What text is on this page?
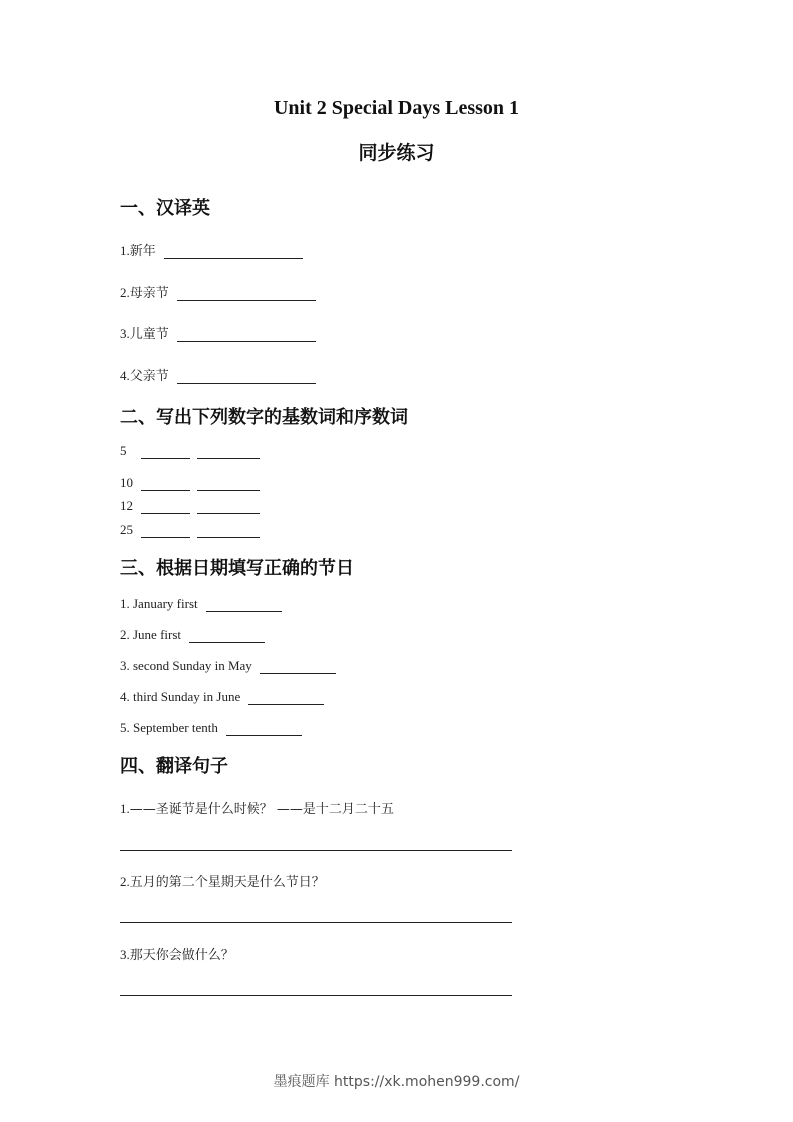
Unit 2 Special Days Lesson 1
同步练习
一、汉译英
1. 新年
2. 母亲节
3. 儿童节
4. 父亲节
二、写出下列数字的基数词和序数词
5
10
12
25
三、根据日期填写正确的节日
1. January first
2. June first
3. second Sunday in May
4. third Sunday in June
5. September tenth
四、翻译句子
1. ——圣诞节是什么时候？ ——是十二月二十五
2. 五月的第二个星期天是什么节日？
3. 那天你会做什么？
墨痕题库 https://xk.mohen999.com/
